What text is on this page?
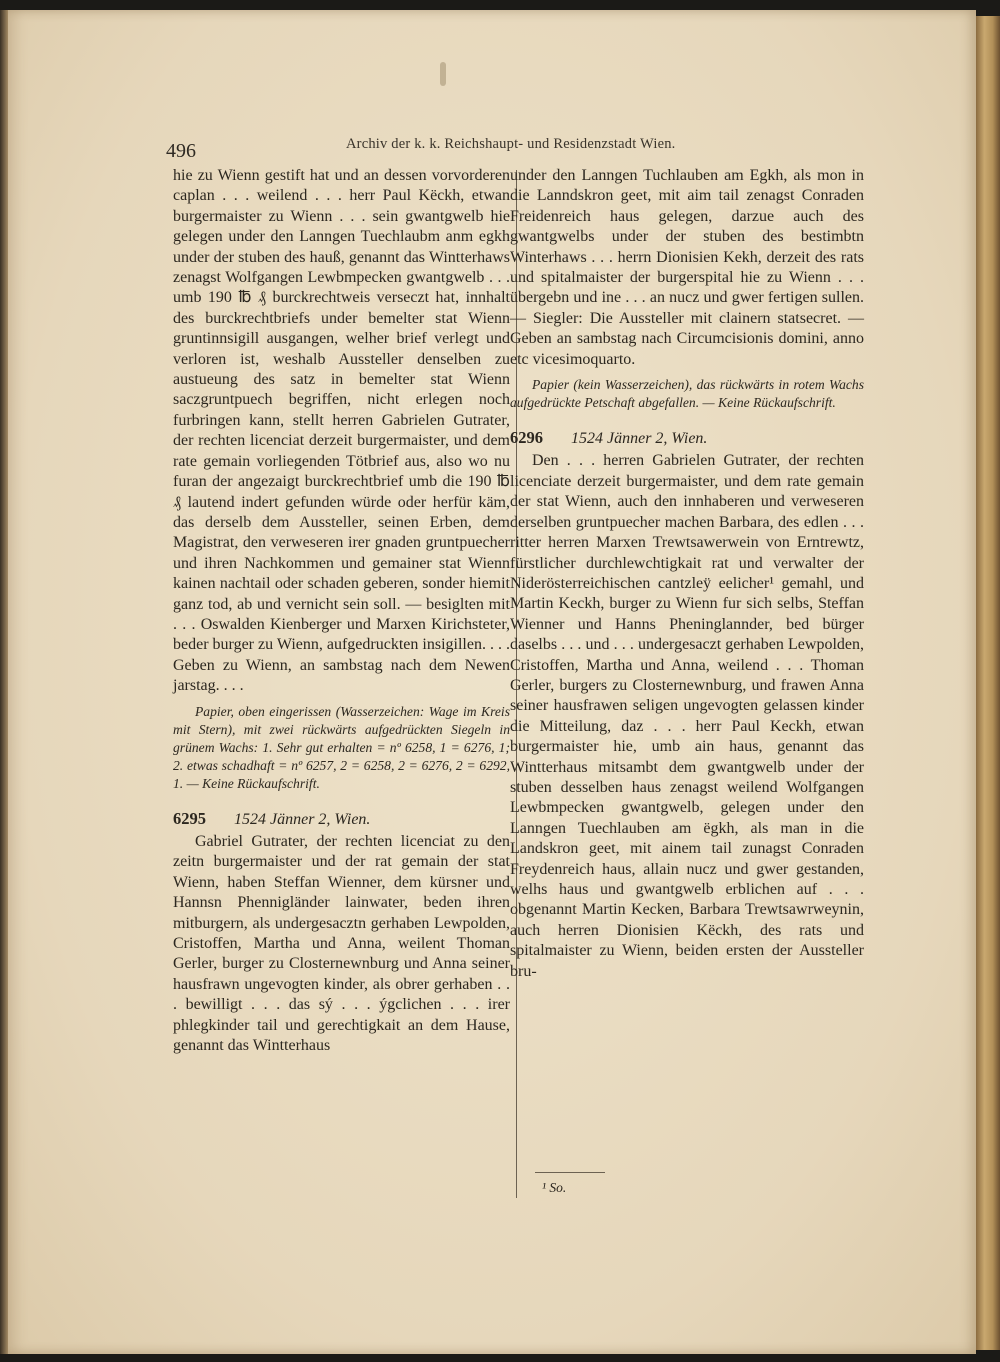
496	Archiv der k. k. Reichshaupt- und Residenzstadt Wien.

hie zu Wienn gestift hat und an dessen vorvorderen caplan . . . weilend . . . herr Paul Këckh, etwan burgermaister zu Wienn . . . sein gwantgwelb hie gelegen under den Lanngen Tuechlaubm anm egkh under der stuben des hauß, genannt das Wintterhaws zenagst Wolfgangen Lewbmpecken gwantgwelb . . . umb 190 ℔ ₰ burckrechtweis verseczt hat, innhalt des burckrechtbriefs under bemelter stat Wienn gruntinnsigill ausgangen, welher brief verlegt und verloren ist, weshalb Aussteller denselben zu austueung des satz in bemelter stat Wienn saczgruntpuech begriffen, nicht erlegen noch furbringen kann, stellt herren Gabrielen Gutrater, der rechten licenciat derzeit burgermaister, und dem rate gemain vorliegenden Tötbrief aus, also wo nu furan der angezaigt burckrechtbrief umb die 190 ℔ ₰ lautend indert gefunden würde oder herfür käm, das derselb dem Aussteller, seinen Erben, dem Magistrat, den verweseren irer gnaden gruntpuecher und ihren Nachkommen und gemainer stat Wienn kainen nachtail oder schaden geberen, sonder hiemit ganz tod, ab und vernicht sein soll. — besiglten mit . . . Oswalden Kienberger und Marxen Kirichsteter, beder burger zu Wienn, aufgedruckten insigillen. . . . Geben zu Wienn, an sambstag nach dem Newen jarstag. . . .

Papier, oben eingerissen (Wasserzeichen: Wage im Kreis mit Stern), mit zwei rückwärts aufgedrückten Siegeln in grünem Wachs: 1. Sehr gut erhalten = nº 6258, 1 = 6276, 1; 2. etwas schadhaft = nº 6257, 2 = 6258, 2 = 6276, 2 = 6292, 1. — Keine Rückaufschrift.

6295 1524 Jänner 2, Wien.

Gabriel Gutrater, der rechten licenciat zu den zeitn burgermaister und der rat gemain der stat Wienn, haben Steffan Wienner, dem kürsner und Hannsn Phennigländer lainwater, beden ihren mitburgern, als undergesacztn gerhaben Lewpolden, Cristoffen, Martha und Anna, weilent Thoman Gerler, burger zu Closternewnburg und Anna seiner hausfrawn ungevogten kinder, als obrer gerhaben . . . bewilligt . . . das sý . . . ýgclichen . . . irer phlegkinder tail und gerechtigkait an dem Hause, genannt das Wintterhaus

under den Lanngen Tuchlauben am Egkh, als mon in die Lanndskron geet, mit aim tail zenagst Conraden Freidenreich haus gelegen, darzue auch des gwantgwelbs under der stuben des bestimbtn Winterhaws . . . herrn Dionisien Kekh, derzeit des rats und spitalmaister der burgerspital hie zu Wienn . . . übergebn und ine . . . an nucz und gwer fertigen sullen. — Siegler: Die Aussteller mit clainern statsecret. — Geben an sambstag nach Circumcisionis domini, anno etc vicesimoquarto.

Papier (kein Wasserzeichen), das rückwärts in rotem Wachs aufgedrückte Petschaft abgefallen. — Keine Rückaufschrift.

6296 1524 Jänner 2, Wien.

Den . . . herren Gabrielen Gutrater, der rechten licenciate derzeit burgermaister, und dem rate gemain der stat Wienn, auch den innhaberen und verweseren derselben gruntpuecher machen Barbara, des edlen . . . ritter herren Marxen Trewtsawerwein von Erntrewtz, fürstlicher durchlewchtigkait rat und verwalter der Niderösterreichischen cantzleÿ eelicher¹ gemahl, und Martin Keckh, burger zu Wienn fur sich selbs, Steffan Wienner und Hanns Pheninglannder, bed bürger daselbs . . . und . . . undergesaczt gerhaben Lewpolden, Cristoffen, Martha und Anna, weilend . . . Thoman Gerler, burgers zu Closternewnburg, und frawen Anna seiner hausfrawen seligen ungevogten gelassen kinder die Mitteilung, daz . . . herr Paul Keckh, etwan burgermaister hie, umb ain haus, genannt das Wintterhaus mitsambt dem gwantgwelb under der stuben desselben haus zenagst weilend Wolfgangen Lewbmpecken gwantgwelb, gelegen under den Lanngen Tuechlauben am ëgkh, als man in die Landskron geet, mit ainem tail zunagst Conraden Freydenreich haus, allain nucz und gwer gestanden, welhs haus und gwantgwelb erblichen auf . . . obgenannt Martin Kecken, Barbara Trewtsawrweynin, auch herren Dionisien Këckh, des rats und spitalmaister zu Wienn, beiden ersten der Aussteller bru-

¹ So.
